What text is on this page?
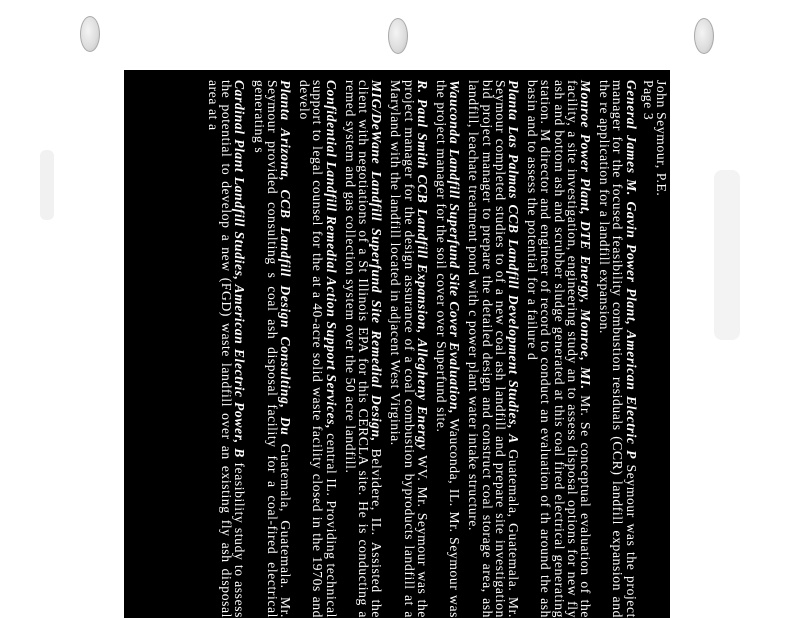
John Seymour, P.E.
Page 3
General James M. Gavin Power Plant, American Electric P Seymour was the project manager for the focused feasibility combustion residuals (CCR) landfill expansion and the re application for a landfill expansion.
Monroe Power Plant, DTE Energy, Monroe, MI. Mr. Se conceptual evaluation of the facility, a site investigation, engineering study an to assess disposal options for new fly ash and bottom ash and scrubber sludge generated at this coal fired electrical generating station. M director and engineer of record to conduct an evaluation of th around the ash basin and to assess the potential for a failure d
Planta Las Palmas CCB Landfill Development Studies, A Guatemala, Guatemala. Mr. Seymour completed studies to of a new coal ash landfill and prepare site investigation bid project manager to prepare the detailed design and construct coal storage area, ash landfill, leachate treatment pond with c power plant water intake structure.
Wauconda Landfill Superfund Site Cover Evaluation, Wauconda, IL. Mr. Seymour was the project manager for the soil cover over Superfund site.
R. Paul Smith CCB Landfill Expansion, Allegheny Energy WV. Mr. Seymour was the project manager for the design assurance of a coal combustion byproducts landfill at a Maryland with the landfill located in adjacent West Virginia.
MIG/DeWane Landfill Superfund Site Remedial Design, Belvidere, IL. Assisted the client with negotiations of a St Illinois EPA for this CERCLA site. He is conducting a remed system and gas collection system over the 50 acre landfill.
Confidential Landfill Remedial Action Support Services, central IL. Providing technical support to legal counsel for the at a 40-acre solid waste facility closed in the 1970s and develo
Planta Arizona, CCB Landfill Design Consulting, Du Guatemala, Guatemala. Mr. Seymour provided consulting s coal ash disposal facility for a coal-fired electrical generating s
Cardinal Plant Landfill Studies, American Electric Power, B feasibility study to assess the potential to develop a new (FGD) waste landfill over an existing fly ash disposal area at a
